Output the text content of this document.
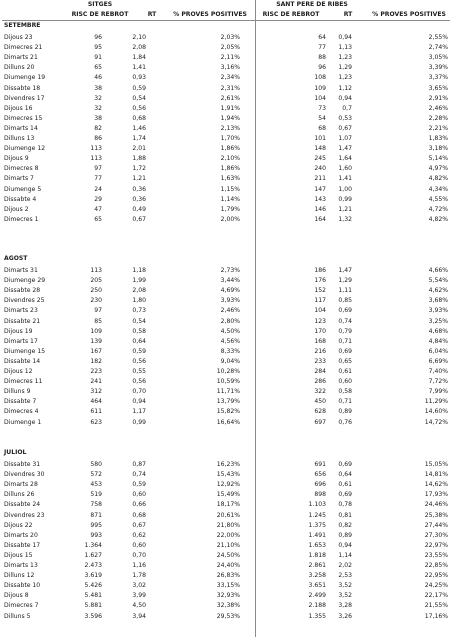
SITGES	SANT PERE DE RIBES
RISC DE REBROT	RT	% PROVES POSITIVES	RISC DE REBROT	RT	% PROVES POSITIVES
SETEMBRE
Dijous 23	96	2,10	2,03%	64	0,94	2,55%
Dimecres 21	95	2,08	2,05%	77	1,13	2,74%
Dimarts 21	91	1,84	2,11%	88	1,23	3,05%
Dilluns 20	65	1,41	3,16%	96	1,29	3,39%
Diumenge 19	46	0,93	2,34%	108	1,23	3,37%
Dissabte 18	38	0,59	2,31%	109	1,12	3,65%
Divendres 17	32	0,54	2,61%	104	0,94	2,91%
Dijous 16	32	0,56	1,91%	73	0,7	2,46%
Dimecres 15	38	0,68	1,94%	54	0,53	2,28%
Dimarts 14	82	1,46	2,13%	68	0,67	2,21%
Dilluns 13	86	1,74	1,70%	101	1,07	1,83%
Diumenge 12	113	2,01	1,86%	148	1,47	3,18%
Dijous 9	113	1,88	2,10%	245	1,64	5,14%
Dimecres 8	97	1,72	1,86%	240	1,60	4,97%
Dimarts 7	77	1,21	1,63%	211	1,41	4,82%
Diumenge 5	24	0,36	1,15%	147	1,00	4,34%
Dissabte 4	29	0,36	1,14%	143	0,99	4,55%
Dijous 2	47	0,49	1,79%	146	1,21	4,72%
Dimecres 1	65	0,67	2,00%	164	1,32	4,82%
AGOST
Dimarts 31	113	1,18	2,73%	186	1,47	4,66%
Diumenge 29	205	1,99	3,44%	176	1,29	5,54%
Dissabte 28	250	2,08	4,69%	152	1,11	4,62%
Divendres 25	230	1,80	3,93%	117	0,85	3,68%
Dimarts 23	97	0,73	2,46%	104	0,69	3,93%
Dissabte 21	85	0,54	2,80%	123	0,74	3,25%
Dijous 19	109	0,58	4,50%	170	0,79	4,68%
Dimarts 17	139	0,64	4,56%	168	0,71	4,84%
Diumenge 15	167	0,59	8,33%	216	0,69	6,04%
Dissabte 14	182	0,56	9,04%	233	0,65	6,69%
Dijous 12	223	0,55	10,28%	284	0,61	7,40%
Dimecres 11	241	0,56	10,59%	286	0,60	7,72%
Dilluns 9	312	0,70	11,71%	322	0,58	7,99%
Dissabte 7	464	0,94	13,79%	450	0,71	11,29%
Dimecres 4	611	1,17	15,82%	628	0,89	14,60%
Diumenge 1	623	0,99	16,64%	697	0,76	14,72%
JULIOL
Dissabte 31	580	0,87	16,23%	691	0,69	15,05%
Divendres 30	572	0,74	15,43%	656	0,64	14,81%
Dimarts 28	453	0,59	12,92%	696	0,61	14,62%
Dilluns 26	519	0,60	15,49%	898	0,69	17,93%
Dissabte 24	758	0,66	18,17%	1.103	0,78	24,46%
Divendres 23	871	0,68	20,61%	1.245	0,81	25,38%
Dijous 22	995	0,67	21,80%	1.375	0,82	27,44%
Dimarts 20	993	0,62	22,00%	1.491	0,89	27,30%
Dissabte 17	1.364	0,60	21,10%	1.653	0,94	22,97%
Dijous 15	1.627	0,70	24,50%	1.818	1,14	23,55%
Dimarts 13	2.473	1,16	24,40%	2.861	2,02	22,85%
Dilluns 12	3.619	1,78	26,83%	3.258	2,53	22,95%
Dissabte 10	5.426	3,02	33,15%	3.651	3,52	24,25%
Dijous 8	5.481	3,99	32,93%	2.499	3,52	22,17%
Dimecres 7	5.881	4,50	32,38%	2.188	3,28	21,55%
Dilluns 5	3.596	3,94	29,53%	1.355	3,26	17,16%
